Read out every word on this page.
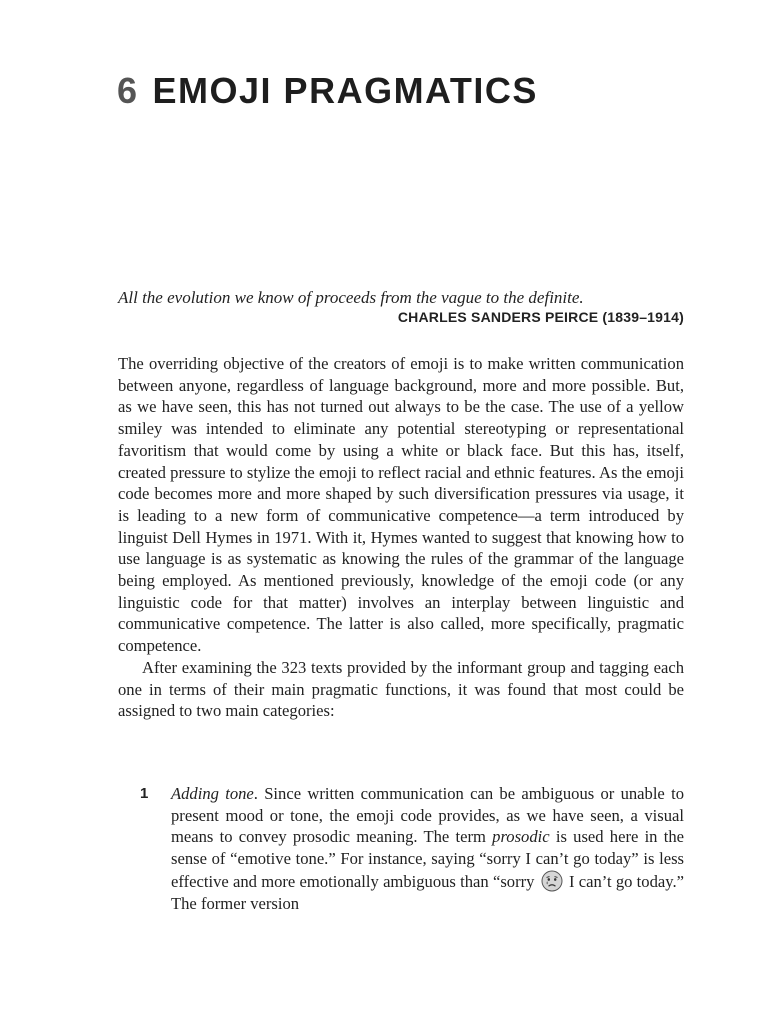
6 EMOJI PRAGMATICS
All the evolution we know of proceeds from the vague to the definite.
CHARLES SANDERS PEIRCE (1839–1914)

The overriding objective of the creators of emoji is to make written communication between anyone, regardless of language background, more and more possible. But, as we have seen, this has not turned out always to be the case. The use of a yellow smiley was intended to eliminate any potential stereotyping or representational favoritism that would come by using a white or black face. But this has, itself, created pressure to stylize the emoji to reflect racial and ethnic features. As the emoji code becomes more and more shaped by such diversification pressures via usage, it is leading to a new form of communicative competence—a term introduced by linguist Dell Hymes in 1971. With it, Hymes wanted to suggest that knowing how to use language is as systematic as knowing the rules of the grammar of the language being employed. As mentioned previously, knowledge of the emoji code (or any linguistic code for that matter) involves an interplay between linguistic and communicative competence. The latter is also called, more specifically, pragmatic competence.

After examining the 323 texts provided by the informant group and tagging each one in terms of their main pragmatic functions, it was found that most could be assigned to two main categories:

1 Adding tone. Since written communication can be ambiguous or unable to present mood or tone, the emoji code provides, as we have seen, a visual means to convey prosodic meaning. The term prosodic is used here in the sense of “emotive tone.” For instance, saying “sorry I can’t go today” is less effective and more emotionally ambiguous than “sorry  I can’t go today.” The former version
